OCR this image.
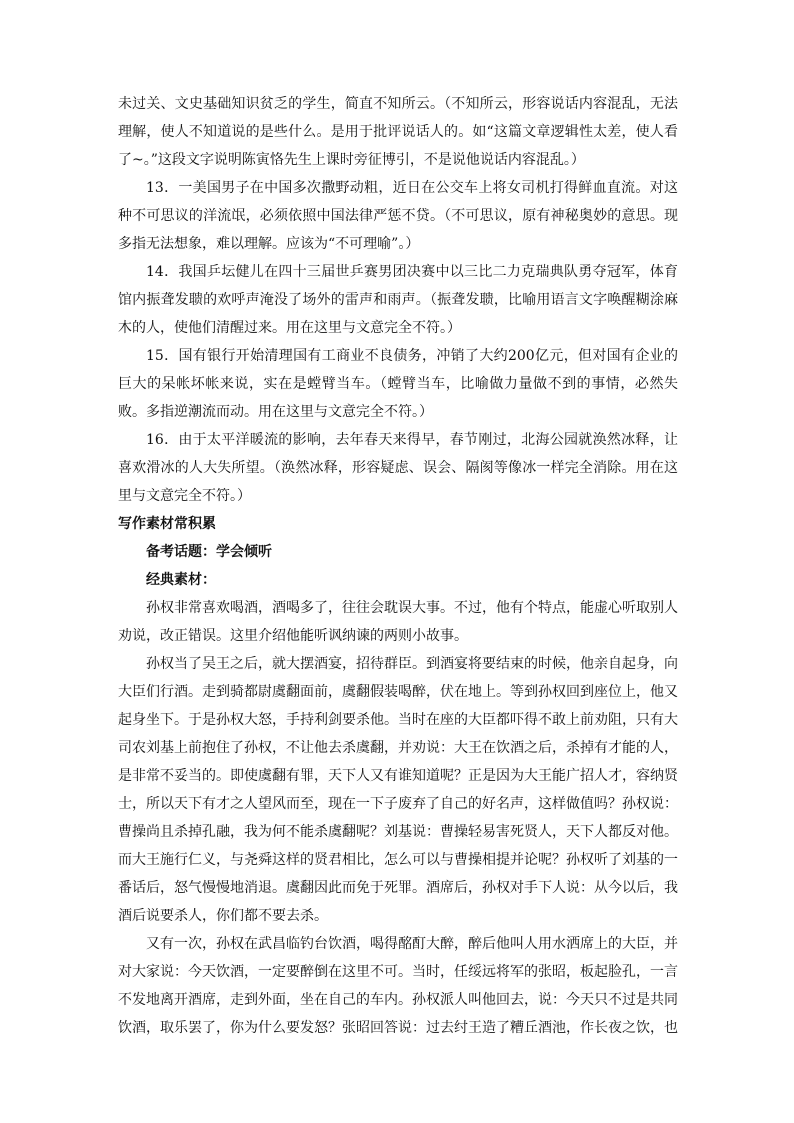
未过关、文史基础知识贫乏的学生，简直不知所云。（不知所云，形容说话内容混乱，无法理解，使人不知道说的是些什么。是用于批评说话人的。如“这篇文章逻辑性太差，使人看了~。”这段文字说明陈寅恪先生上课时旁征博引，不是说他说话内容混乱。）

13．一美国男子在中国多次撒野动粗，近日在公交车上将女司机打得鲜血直流。对这种不可思议的洋流氓，必须依照中国法律严惩不贷。（不可思议，原有神秘奥妙的意思。现多指无法想象，难以理解。应该为“不可理喻”。）

14．我国乒坛健儿在四十三届世乒赛男团决赛中以三比二力克瑞典队勇夺冠军，体育馆内振聋发聩的欢呼声淹没了场外的雷声和雨声。（振聋发聩，比喻用语言文字唤醒糊涂麻木的人，使他们清醒过来。用在这里与文意完全不符。）

15．国有银行开始清理国有工商业不良债务，冲销了大约200亿元，但对国有企业的巨大的呆帐坏帐来说，实在是螳臂当车。（螳臂当车，比喻做力量做不到的事情，必然失败。多指逆潮流而动。用在这里与文意完全不符。）

16．由于太平洋暖流的影响，去年春天来得早，春节刚过，北海公园就涣然冰释，让喜欢滑冰的人大失所望。（涣然冰释，形容疑虑、误会、隔阂等像冰一样完全消除。用在这里与文意完全不符。）

写作素材常积累

备考话题：学会倾听

经典素材：

孙权非常喜欢喝酒，酒喝多了，往往会耽误大事。不过，他有个特点，能虚心听取别人劝说，改正错误。这里介绍他能听讽纳谏的两则小故事。

孙权当了吴王之后，就大摆酒宴，招待群臣。到酒宴将要结束的时候，他亲自起身，向大臣们行酒。走到骑都尉虞翻面前，虞翻假装喝醉，伏在地上。等到孙权回到座位上，他又起身坐下。于是孙权大怒，手持利剑要杀他。当时在座的大臣都吓得不敢上前劝阻，只有大司农刘基上前抱住了孙权，不让他去杀虞翻，并劝说：大王在饮酒之后，杀掉有才能的人，是非常不妥当的。即使虞翻有罪，天下人又有谁知道呢？正是因为大王能广招人才，容纳贤士，所以天下有才之人望风而至，现在一下子废弃了自己的好名声，这样做值吗？孙权说：曹操尚且杀掉孔融，我为何不能杀虞翻呢？刘基说：曹操轻易害死贤人，天下人都反对他。而大王施行仁义，与尧舜这样的贤君相比，怎么可以与曹操相提并论呢？孙权听了刘基的一番话后，怒气慢慢地消退。虞翻因此而免于死罪。酒席后，孙权对手下人说：从今以后，我酒后说要杀人，你们都不要去杀。

又有一次，孙权在武昌临钓台饮酒，喝得酩酊大醉，醉后他叫人用水洒席上的大臣，并对大家说：今天饮酒，一定要醉倒在这里不可。当时，任绥远将军的张昭，板起脸孔，一言不发地离开酒席，走到外面，坐在自己的车内。孙权派人叫他回去，说：今天只不过是共同饮酒，取乐罢了，你为什么要发怒？张昭回答说：过去纣王造了糟丘酒池，作长夜之饮，也
